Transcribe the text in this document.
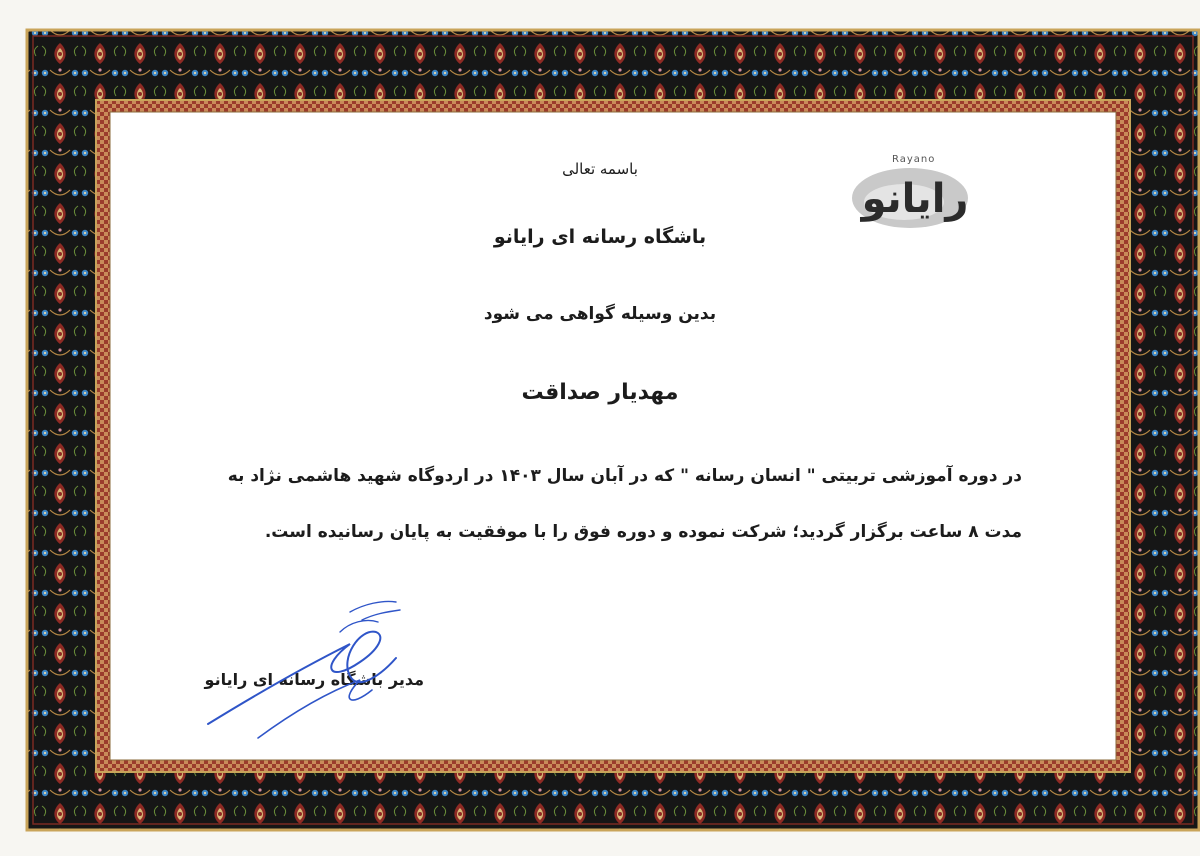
Rayano
رایانو
باسمه تعالی
باشگاه رسانه ای رایانو
بدین وسیله گواهی می شود
مهدیار صداقت
در دوره آموزشی تربیتی " انسان رسانه " که در آبان سال ۱۴۰۳ در اردوگاه شهید هاشمی نژاد به
مدت ۸ ساعت برگزار گردید؛ شرکت نموده و دوره فوق را با موفقیت به پایان رسانیده است.
مدیر باشگاه رسانه ای رایانو
